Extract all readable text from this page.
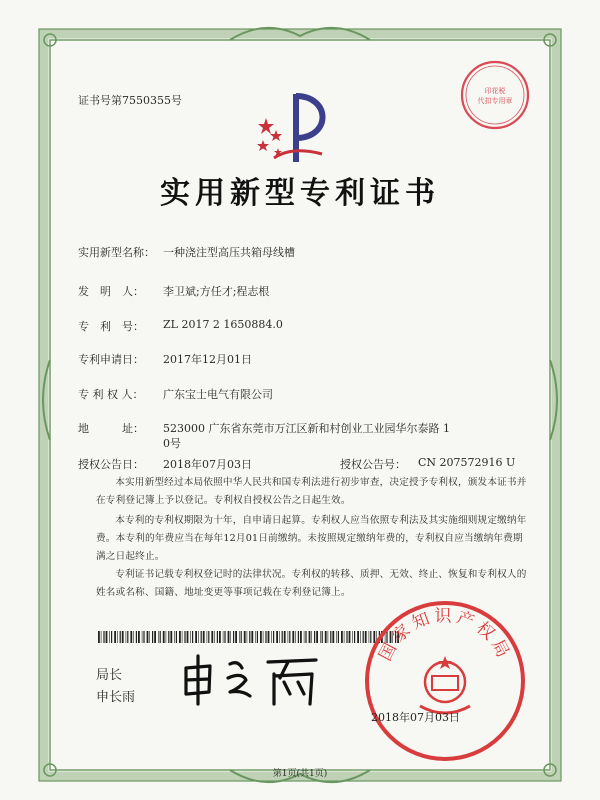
印花税
代扣专用章
证书号第7550355号
实用新型专利证书
实用新型名称： 一种浇注型高压共箱母线槽
发　明　人： 李卫斌;方任才;程志根
专　利　号： ZL 2017 2 1650884.0
专利申请日： 2017年12月01日
专 利 权 人： 广东宝士电气有限公司
地　　　址： 523000 广东省东莞市万江区新和村创业工业园华尔泰路 1
0号
授权公告日： 2018年07月03日	授权公告号： CN 207572916 U
本实用新型经过本局依照中华人民共和国专利法进行初步审查，决定授予专利权，颁发本证书并在专利登记簿上予以登记。专利权自授权公告之日起生效。
本专利的专利权期限为十年，自申请日起算。专利权人应当依照专利法及其实施细则规定缴纳年费。本专利的年费应当在每年12月01日前缴纳。未按照规定缴纳年费的，专利权自应当缴纳年费期满之日起终止。
专利证书记载专利权登记时的法律状况。专利权的转移、质押、无效、终止、恢复和专利权人的姓名或名称、国籍、地址变更等事项记载在专利登记簿上。
局长
申长雨
国家知识产权局
2018年07月03日
第1页(共1页)
